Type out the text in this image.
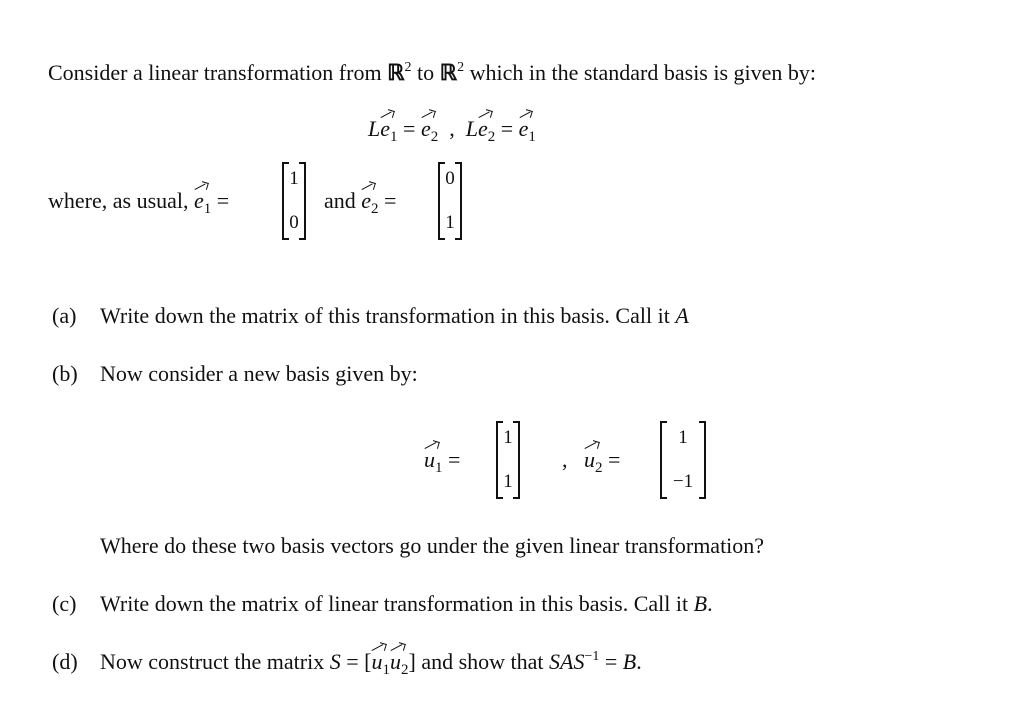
Consider a linear transformation from ℝ$^2$ to ℝ$^2$ which in the standard basis is given by:
$Le_1 = e_2$ , $Le_2 = e_1$
where, as usual, $e_1$ =
1
0
and $e_2$ =
0
1
(a) Write down the matrix of this transformation in this basis. Call it A
(b) Now consider a new basis given by:
$u_1$ =
1
1
, $u_2$ =
1
−1
Where do these two basis vectors go under the given linear transformation?
(c) Write down the matrix of linear transformation in this basis. Call it B.
(d) Now construct the matrix $S = [u_1u_2]$ and show that $SAS^{-1} = B$.
